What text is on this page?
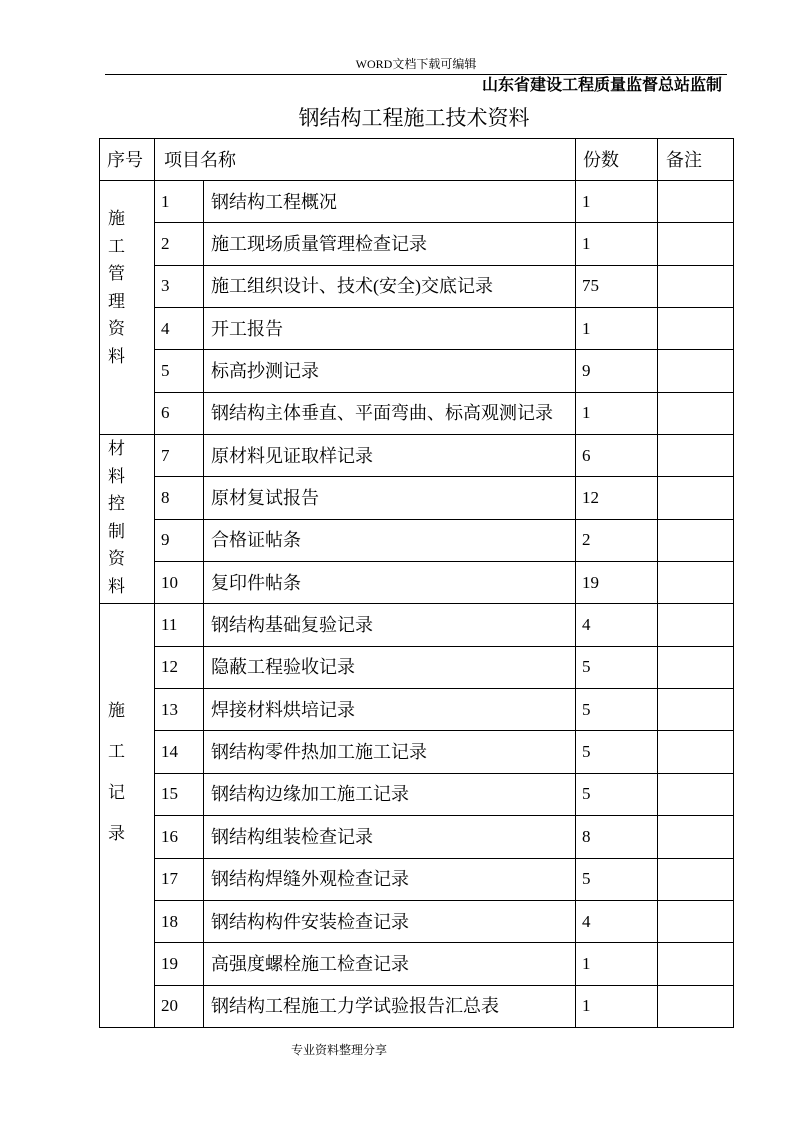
WORD文档下载可编辑
山东省建设工程质量监督总站监制
钢结构工程施工技术资料
序号	项目名称		份数	备注

施工管理资料	1	钢结构工程概况	1	
	2	施工现场质量管理检查记录	1	
	3	施工组织设计、技术(安全)交底记录	75	
	4	开工报告	1	
	5	标高抄测记录	9	
	6	钢结构主体垂直、平面弯曲、标高观测记录	1	

材料控制资料	7	原材料见证取样记录	6	
	8	原材复试报告	12	
	9	合格证帖条	2	
	10	复印件帖条	19	

施工记录	11	钢结构基础复验记录	4	
	12	隐蔽工程验收记录	5	
	13	焊接材料烘培记录	5	
	14	钢结构零件热加工施工记录	5	
	15	钢结构边缘加工施工记录	5	
	16	钢结构组装检查记录	8	
	17	钢结构焊缝外观检查记录	5	
	18	钢结构构件安装检查记录	4	
	19	高强度螺栓施工检查记录	1	
	20	钢结构工程施工力学试验报告汇总表	1	
专业资料整理分享
